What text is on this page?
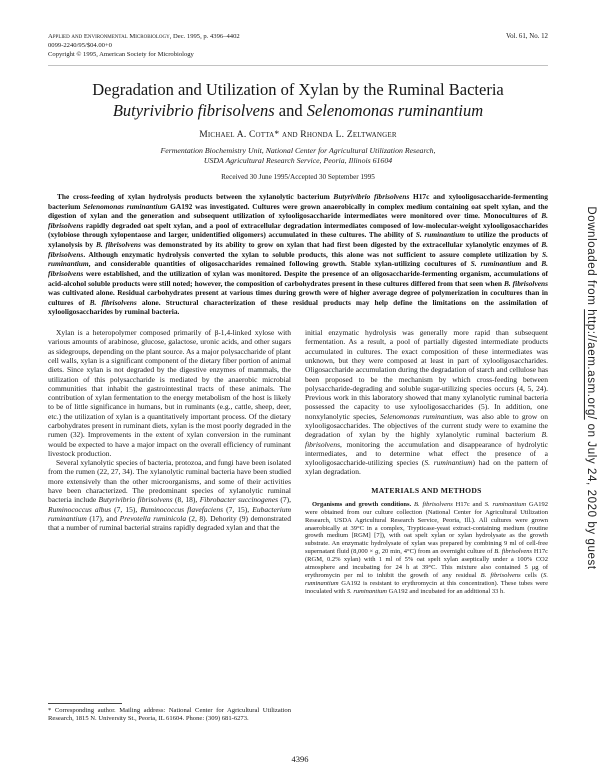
Applied and Environmental Microbiology, Dec. 1995, p. 4396–4402
0099-2240/95/$04.00+0
Copyright © 1995, American Society for Microbiology
Vol. 61, No. 12
Degradation and Utilization of Xylan by the Ruminal Bacteria
Butyrivibrio fibrisolvens and Selenomonas ruminantium
Michael A. Cotta* and Rhonda L. Zeltwanger
Fermentation Biochemistry Unit, National Center for Agricultural Utilization Research,
USDA Agricultural Research Service, Peoria, Illinois 61604
Received 30 June 1995/Accepted 30 September 1995

The cross-feeding of xylan hydrolysis products between the xylanolytic bacterium Butyrivibrio fibrisolvens H17c and xylooligosaccharide-fermenting bacterium Selenomonas ruminantium GA192 was investigated. Cultures were grown anaerobically in complex medium containing oat spelt xylan, and the digestion of xylan and the generation and subsequent utilization of xylooligosaccharide intermediates were monitored over time. Monocultures of B. fibrisolvens rapidly degraded oat spelt xylan, and a pool of extracellular degradation intermediates composed of low-molecular-weight xylooligosaccharides (xylobiose through xylopentaose and larger, unidentified oligomers) accumulated in these cultures. The ability of S. ruminantium to utilize the products of xylanolysis by B. fibrisolvens was demonstrated by its ability to grow on xylan that had first been digested by the extracellular xylanolytic enzymes of B. fibrisolvens. Although enzymatic hydrolysis converted the xylan to soluble products, this alone was not sufficient to assure complete utilization by S. ruminantium, and considerable quantities of oligosaccharides remained following growth. Stable xylan-utilizing cocultures of S. ruminantium and B. fibrisolvens were established, and the utilization of xylan was monitored. Despite the presence of an oligosaccharide-fermenting organism, accumulations of acid-alcohol soluble products were still noted; however, the composition of carbohydrates present in these cultures differed from that seen when B. fibrisolvens was cultivated alone. Residual carbohydrates present at various times during growth were of higher average degree of polymerization in cocultures than in cultures of B. fibrisolvens alone. Structural characterization of these residual products may help define the limitations on the assimilation of xylooligosaccharides by ruminal bacteria.

Xylan is a heteropolymer composed primarily of β-1,4-linked xylose with various amounts of arabinose, glucose, galactose, uronic acids, and other sugars as sidegroups, depending on the plant source. As a major polysaccharide of plant cell walls, xylan is a significant component of the dietary fiber portion of animal diets. Since xylan is not degraded by the digestive enzymes of mammals, the utilization of this polysaccharide is mediated by the anaerobic microbial communities that inhabit the gastrointestinal tracts of these animals. The contribution of xylan fermentation to the energy metabolism of the host is likely to be of little significance in humans, but in ruminants (e.g., cattle, sheep, deer, etc.) the utilization of xylan is a quantitatively important process. Of the dietary carbohydrates present in ruminant diets, xylan is the most poorly degraded in the rumen (32). Improvements in the extent of xylan conversion in the ruminant would be expected to have a major impact on the overall efficiency of ruminant livestock production.

Several xylanolytic species of bacteria, protozoa, and fungi have been isolated from the rumen (22, 27, 34). The xylanolytic ruminal bacteria have been studied more extensively than the other microorganisms, and some of their activities have been characterized. The predominant species of xylanolytic ruminal bacteria include Butyrivibrio fibrisolvens (8, 18), Fibrobacter succinogenes (7), Ruminococcus albus (7, 15), Ruminococcus flavefaciens (7, 15), Eubacterium ruminantium (17), and Prevotella ruminicola (2, 8). Dehority (9) demonstrated that a number of ruminal bacterial strains rapidly degraded xylan and that the

* Corresponding author. Mailing address: National Center for Agricultural Utilization Research, 1815 N. University St., Peoria, IL 61604. Phone: (309) 681-6273.

initial enzymatic hydrolysis was generally more rapid than subsequent fermentation. As a result, a pool of partially digested intermediate products accumulated in cultures. The exact composition of these intermediates was unknown, but they were composed at least in part of xylooligosaccharides. Oligosaccharide accumulation during the degradation of starch and cellulose has been proposed to be the mechanism by which cross-feeding between polysaccharide-degrading and soluble sugar-utilizing species occurs (4, 5, 24). Previous work in this laboratory showed that many xylanolytic ruminal bacteria possessed the capacity to use xylooligosaccharides (5). In addition, one nonxylanolytic species, Selenomonas ruminantium, was also able to grow on xylooligosaccharides. The objectives of the current study were to examine the degradation of xylan by the highly xylanolytic ruminal bacterium B. fibrisolvens, monitoring the accumulation and disappearance of hydrolytic intermediates, and to determine what effect the presence of a xylooligosaccharide-utilizing species (S. ruminantium) had on the pattern of xylan degradation.

MATERIALS AND METHODS

Organisms and growth conditions. B. fibrisolvens H17c and S. ruminantium GA192 were obtained from our culture collection (National Center for Agricultural Utilization Research, USDA Agricultural Research Service, Peoria, Ill.). All cultures were grown anaerobically at 39°C in a complex, Trypticase-yeast extract-containing medium (routine growth medium [RGM] [7]), with oat spelt xylan or xylan hydrolysate as the growth substrate. An enzymatic hydrolysate of xylan was prepared by combining 9 ml of cell-free supernatant fluid (8,000 × g, 20 min, 4°C) from an overnight culture of B. fibrisolvens H17c (RGM, 0.2% xylan) with 1 ml of 5% oat spelt xylan aseptically under a 100% CO2 atmosphere and incubating for 24 h at 39°C. This mixture also contained 5 μg of erythromycin per ml to inhibit the growth of any residual B. fibrisolvens cells (S. ruminantium GA192 is resistant to erythromycin at this concentration). These tubes were inoculated with S. ruminantium GA192 and incubated for an additional 33 h.

4396
Downloaded from http://aem.asm.org/ on July 24, 2020 by guest
